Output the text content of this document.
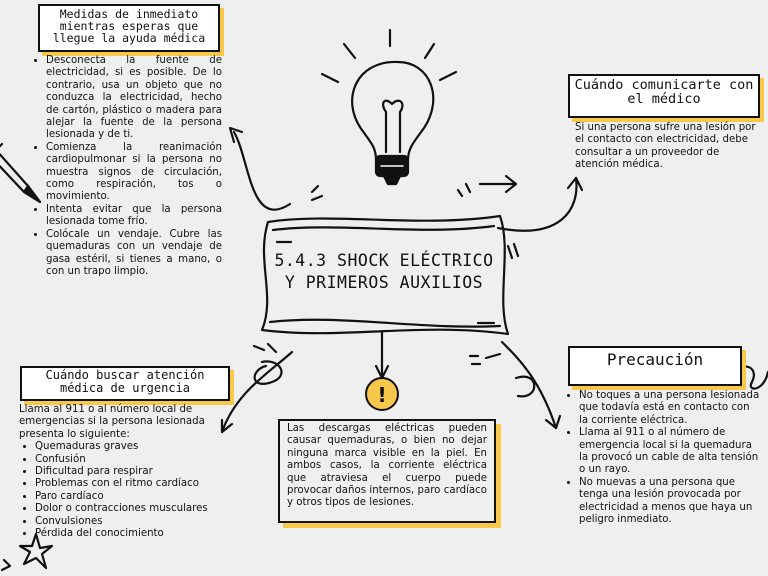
!
Medidas de inmediato mientras esperas que llegue la ayuda médica
• Desconecta la fuente de electricidad, si es posible. De lo contrario, usa un objeto que no conduzca la electricidad, hecho de cartón, plástico o madera para alejar la fuente de la persona lesionada y de ti.
• Comienza la reanimación cardiopulmonar si la persona no muestra signos de circulación, como respiración, tos o movimiento.
• Intenta evitar que la persona lesionada tome frío.
• Colócale un vendaje. Cubre las quemaduras con un vendaje de gasa estéril, si tienes a mano, o con un trapo limpio.
Cuándo comunicarte con el médico
Si una persona sufre una lesión por el contacto con electricidad, debe consultar a un proveedor de atención médica.
5.4.3 SHOCK ELÉCTRICO Y PRIMEROS AUXILIOS
Cuándo buscar atención médica de urgencia
Llama al 911 o al número local de emergencias si la persona lesionada presenta lo siguiente:
• Quemaduras graves
• Confusión
• Dificultad para respirar
• Problemas con el ritmo cardíaco
• Paro cardíaco
• Dolor o contracciones musculares
• Convulsiones
• Pérdida del conocimiento
Precaución
• No toques a una persona lesionada que todavía está en contacto con la corriente eléctrica.
• Llama al 911 o al número de emergencia local si la quemadura la provocó un cable de alta tensión o un rayo.
• No muevas a una persona que tenga una lesión provocada por electricidad a menos que haya un peligro inmediato.
Las descargas eléctricas pueden causar quemaduras, o bien no dejar ninguna marca visible en la piel. En ambos casos, la corriente eléctrica que atraviesa el cuerpo puede provocar daños internos, paro cardíaco y otros tipos de lesiones.
